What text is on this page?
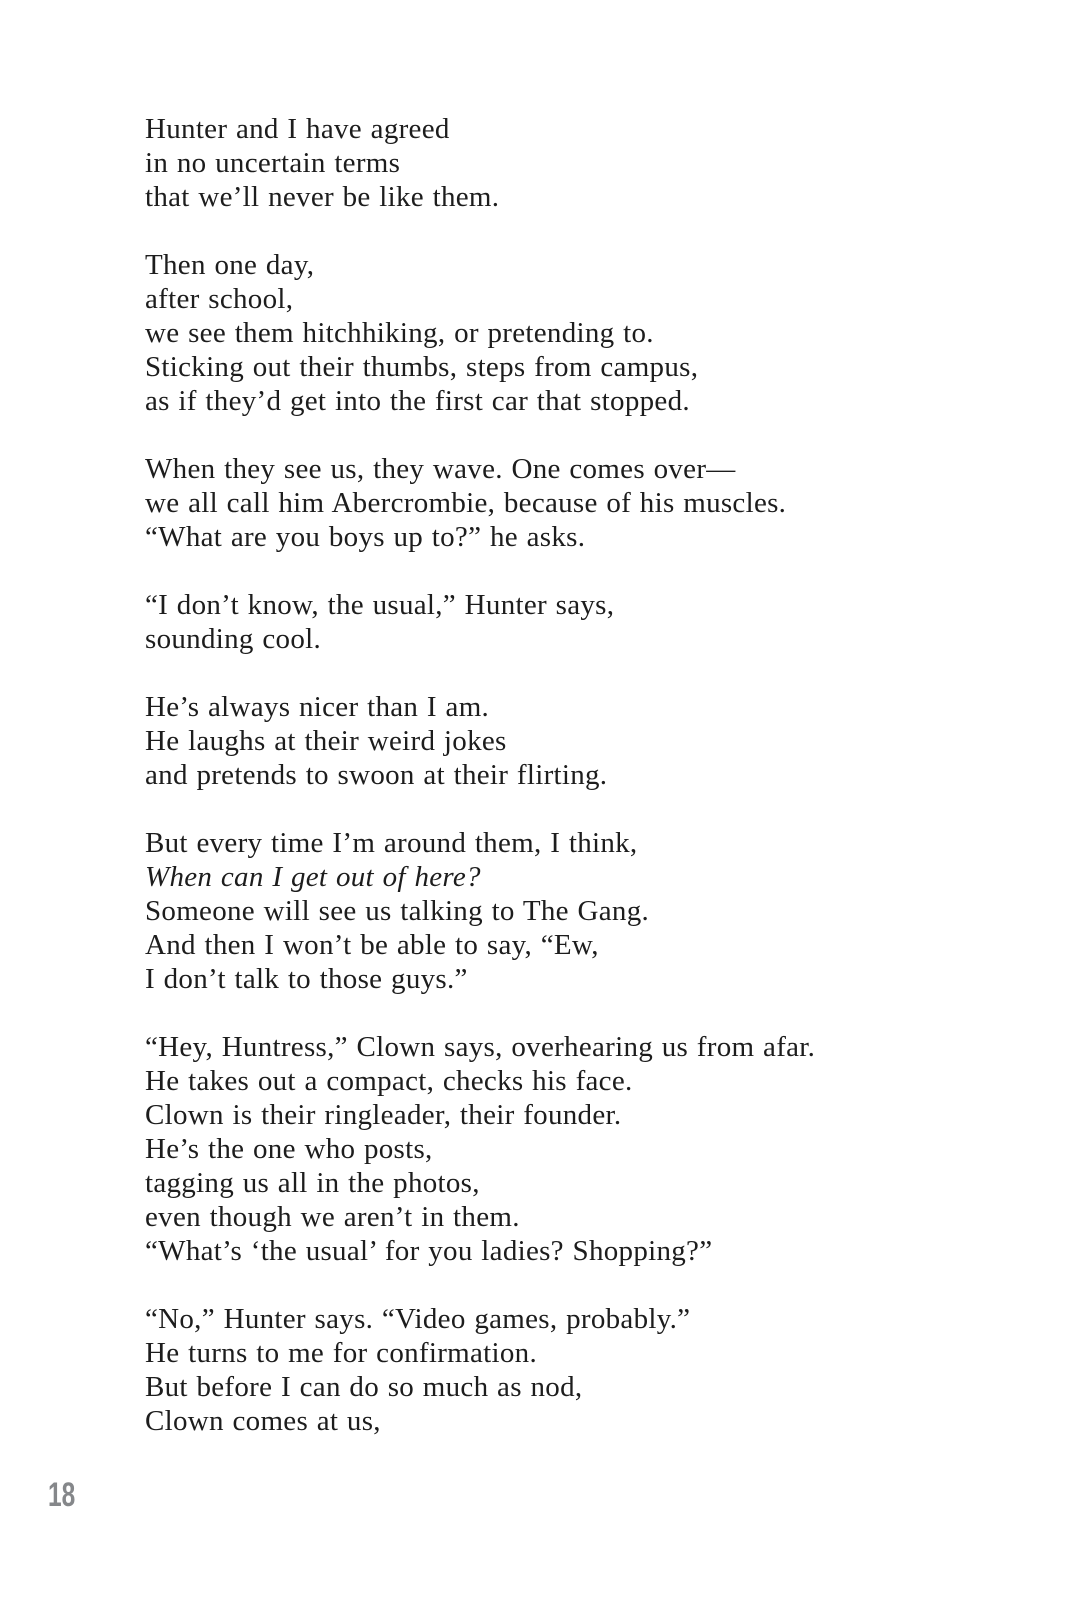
Hunter and I have agreed
in no uncertain terms
that we’ll never be like them.
Then one day,
after school,
we see them hitchhiking, or pretending to.
Sticking out their thumbs, steps from campus,
as if they’d get into the first car that stopped.
When they see us, they wave. One comes over—
we all call him Abercrombie, because of his muscles.
“What are you boys up to?” he asks.
“I don’t know, the usual,” Hunter says,
sounding cool.
He’s always nicer than I am.
He laughs at their weird jokes
and pretends to swoon at their flirting.
But every time I’m around them, I think,
When can I get out of here?
Someone will see us talking to The Gang.
And then I won’t be able to say, “Ew,
I don’t talk to those guys.”
“Hey, Huntress,” Clown says, overhearing us from afar.
He takes out a compact, checks his face.
Clown is their ringleader, their founder.
He’s the one who posts,
tagging us all in the photos,
even though we aren’t in them.
“What’s ‘the usual’ for you ladies? Shopping?”
“No,” Hunter says. “Video games, probably.”
He turns to me for confirmation.
But before I can do so much as nod,
Clown comes at us,
18
